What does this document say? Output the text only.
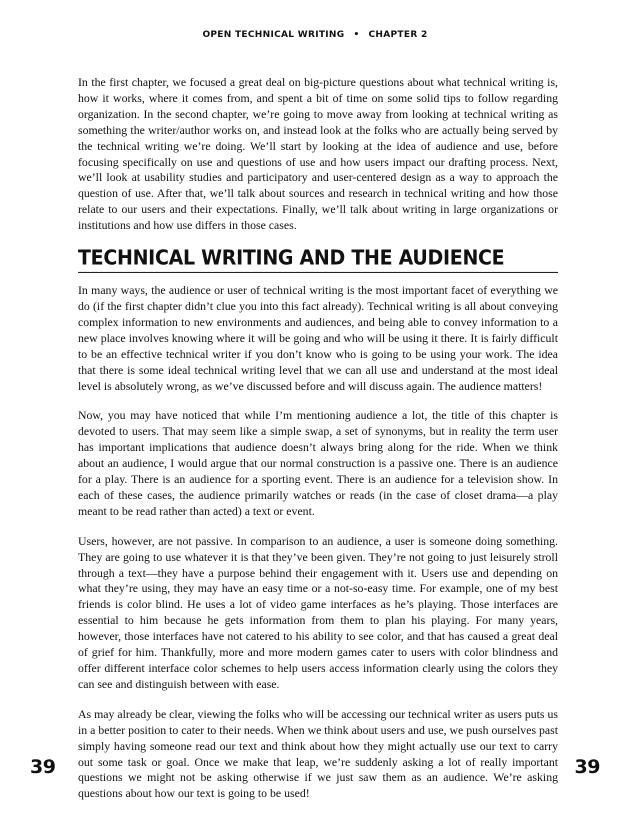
OPEN TECHNICAL WRITING • CHAPTER 2

In the first chapter, we focused a great deal on big-picture questions about what technical writing is, how it works, where it comes from, and spent a bit of time on some solid tips to follow regarding organization. In the second chapter, we’re going to move away from looking at technical writing as something the writer/author works on, and instead look at the folks who are actually being served by the technical writing we’re doing. We’ll start by looking at the idea of audience and use, before focusing specifically on use and questions of use and how users impact our drafting process. Next, we’ll look at usability studies and participatory and user-centered design as a way to approach the question of use. After that, we’ll talk about sources and research in technical writing and how those relate to our users and their expectations. Finally, we’ll talk about writing in large organizations or institutions and how use differs in those cases.

TECHNICAL WRITING AND THE AUDIENCE

In many ways, the audience or user of technical writing is the most important facet of everything we do (if the first chapter didn’t clue you into this fact already). Technical writing is all about conveying complex information to new environments and audiences, and being able to convey information to a new place involves knowing where it will be going and who will be using it there. It is fairly difficult to be an effective technical writer if you don’t know who is going to be using your work. The idea that there is some ideal technical writing level that we can all use and understand at the most ideal level is absolutely wrong, as we’ve discussed before and will discuss again. The audience matters!

Now, you may have noticed that while I’m mentioning audience a lot, the title of this chapter is devoted to users. That may seem like a simple swap, a set of synonyms, but in reality the term user has important implications that audience doesn’t always bring along for the ride. When we think about an audience, I would argue that our normal construction is a passive one. There is an audience for a play. There is an audience for a sporting event. There is an audience for a television show. In each of these cases, the audience primarily watches or reads (in the case of closet drama—a play meant to be read rather than acted) a text or event.

Users, however, are not passive. In comparison to an audience, a user is someone doing something. They are going to use whatever it is that they’ve been given. They’re not going to just leisurely stroll through a text—they have a purpose behind their engagement with it. Users use and depending on what they’re using, they may have an easy time or a not-so-easy time. For example, one of my best friends is color blind. He uses a lot of video game interfaces as he’s playing. Those interfaces are essential to him because he gets information from them to plan his playing. For many years, however, those interfaces have not catered to his ability to see color, and that has caused a great deal of grief for him. Thankfully, more and more modern games cater to users with color blindness and offer different interface color schemes to help users access information clearly using the colors they can see and distinguish between with ease.

As may already be clear, viewing the folks who will be accessing our technical writer as users puts us in a better position to cater to their needs. When we think about users and use, we push ourselves past simply having someone read our text and think about how they might actually use our text to carry out some task or goal. Once we make that leap, we’re suddenly asking a lot of really important questions we might not be asking otherwise if we just saw them as an audience. We’re asking questions about how our text is going to be used!

39	39
